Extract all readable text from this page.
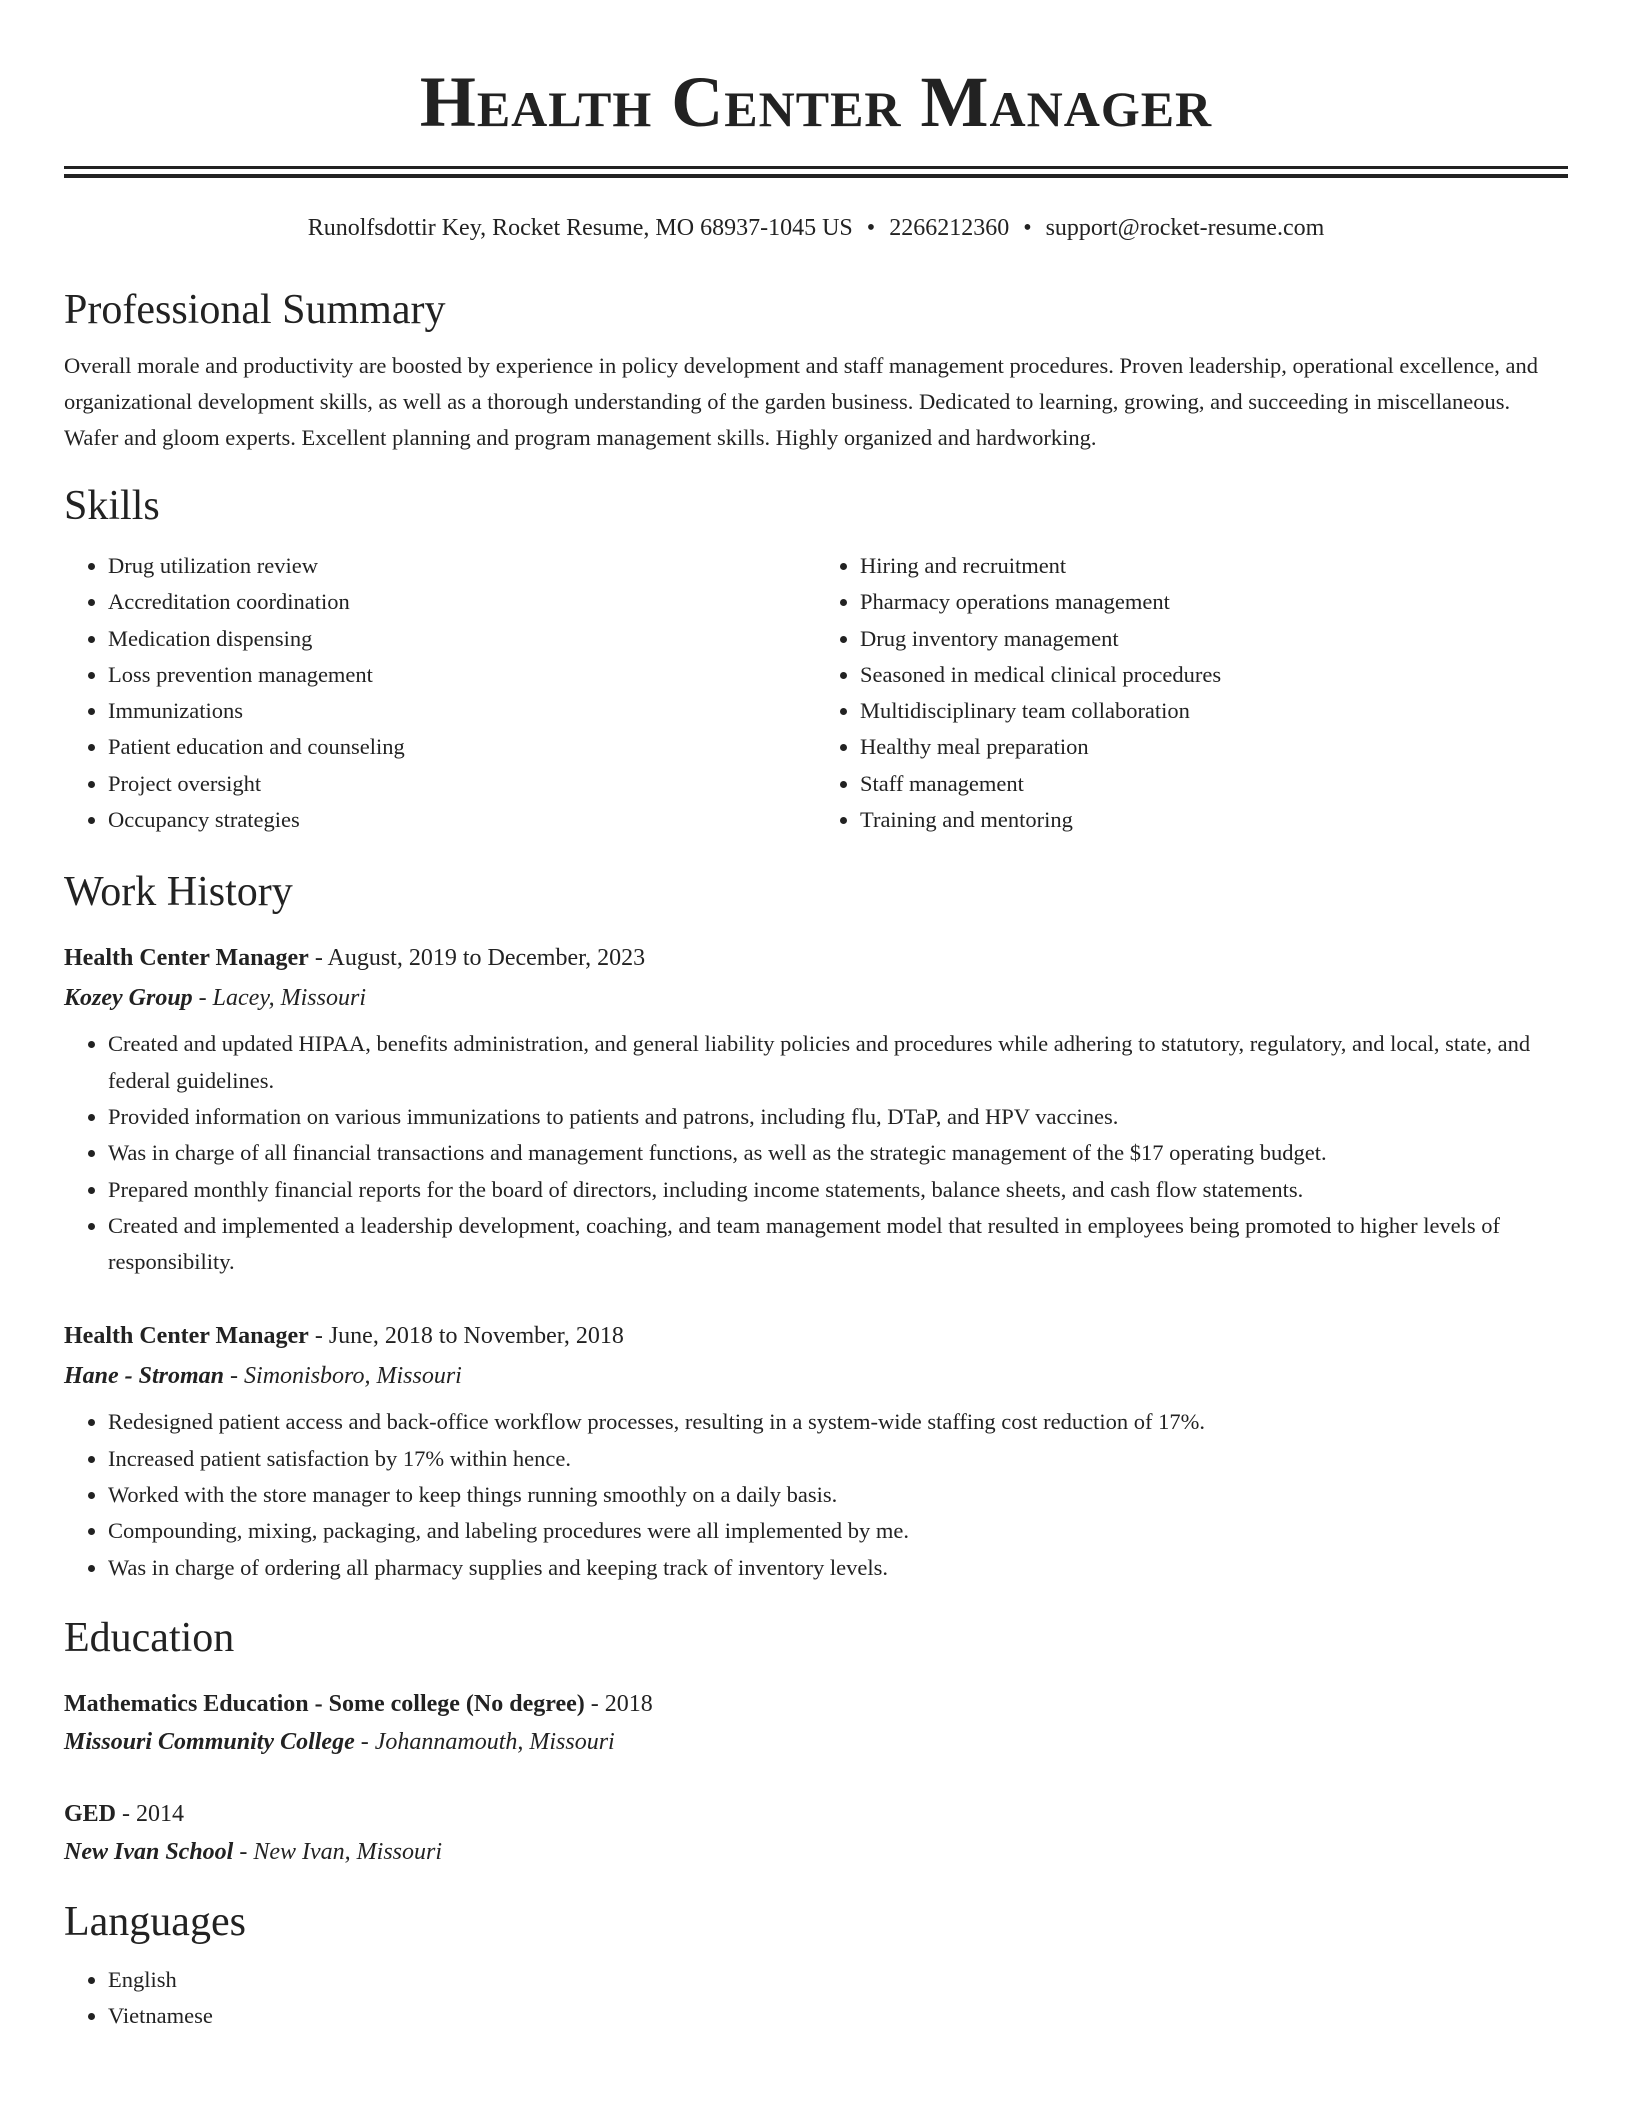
Health Center Manager
Runolfsdottir Key, Rocket Resume, MO 68937-1045 US • 2266212360 • support@rocket-resume.com
Professional Summary

Overall morale and productivity are boosted by experience in policy development and staff management procedures. Proven leadership, operational excellence, and organizational development skills, as well as a thorough understanding of the garden business. Dedicated to learning, growing, and succeeding in miscellaneous. Wafer and gloom experts. Excellent planning and program management skills. Highly organized and hardworking.

Skills
• Drug utilization review
• Accreditation coordination
• Medication dispensing
• Loss prevention management
• Immunizations
• Patient education and counseling
• Project oversight
• Occupancy strategies
• Hiring and recruitment
• Pharmacy operations management
• Drug inventory management
• Seasoned in medical clinical procedures
• Multidisciplinary team collaboration
• Healthy meal preparation
• Staff management
• Training and mentoring
Work History
Health Center Manager - August, 2019 to December, 2023
Kozey Group - Lacey, Missouri
• Created and updated HIPAA, benefits administration, and general liability policies and procedures while adhering to statutory, regulatory, and local, state, and federal guidelines.
• Provided information on various immunizations to patients and patrons, including flu, DTaP, and HPV vaccines.
• Was in charge of all financial transactions and management functions, as well as the strategic management of the $17 operating budget.
• Prepared monthly financial reports for the board of directors, including income statements, balance sheets, and cash flow statements.
• Created and implemented a leadership development, coaching, and team management model that resulted in employees being promoted to higher levels of responsibility.
Health Center Manager - June, 2018 to November, 2018
Hane - Stroman - Simonisboro, Missouri
• Redesigned patient access and back-office workflow processes, resulting in a system-wide staffing cost reduction of 17%.
• Increased patient satisfaction by 17% within hence.
• Worked with the store manager to keep things running smoothly on a daily basis.
• Compounding, mixing, packaging, and labeling procedures were all implemented by me.
• Was in charge of ordering all pharmacy supplies and keeping track of inventory levels.
Education
Mathematics Education - Some college (No degree) - 2018
Missouri Community College - Johannamouth, Missouri
GED - 2014
New Ivan School - New Ivan, Missouri
Languages
• English
• Vietnamese
